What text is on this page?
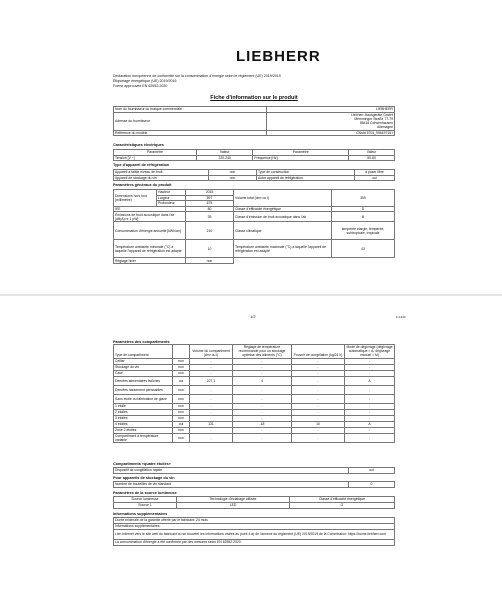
LIEBHERR
Déclaration européenne de conformité sur la consommation d'énergie selon le règlement (UE) 2019/2019
Étiquetage énergétique (UE) 2019/2016
Forme approuvée EN 62552:2020
Fiche d'information sur le produit
Nom du fournisseur ou marque commerciale	LIEBHERR
Adresse du fournisseur	Liebherr-Hausgeräte GmbH
Memminger Straße 77-79
88416 Ochsenhausen
Allemagne
Référence du modèle	CNsfd 5704_996497151
Caractéristiques électriques
Paramètre	Valeur	Paramètre	Valeur
Tension [V ~]	220-240	Fréquence [Hz]	50-60
Type d'appareil de réfrigération
Appareil à faible niveau de bruit	non	Type de construction	à poser libre
Appareil de stockage du vin	non	Autre appareil de réfrigération	oui
Paramètres généraux du produit
Dimensions hors tout (millimètre)	Hauteur	2015	Volume total (dm³ ou l)	359
	Largeur	597		
	Profondeur	675		
IEE		80	Classe d'efficacité énergétique	D
Émissions de bruit acoustique dans l'air [dB(A) re 1 pW]		35	Classe d'émission de bruit acoustique dans l'air	B
Consommation d'énergie annuelle [kWh/an]		210	Classe climatique	tempérée élargie, tempérée, subtropicale, tropicale
Température ambiante minimale (°C) à laquelle l'appareil de réfrigération est adapté		10	Température ambiante maximale (°C) à laquelle l'appareil de réfrigération est adapté	43
Réglage hiver		non		
1/2	F-1234
Paramètres des compartiments
Type de compartiment		Volume du compartiment (dm³ ou l)	Réglage de température recommandé pour un stockage optimisé des aliments (°C)	Pouvoir de congélation (kg/24 h)	Mode de dégivrage (dégivrage automatique = A, dégivrage manuel = M)
Cellier	non	-	-	-	-
Stockage du vin	non	-	-	-	-
Cave	non	-	-	-	-
Denrées alimentaires fraîches	oui	227,1	4	-	A
Denrées hautement périssables	non	-	-	-	-
Sans étoile ou fabrication de glace	non	-	-	-	-
1 étoile	non	-	-	-	-
2 étoiles	non	-	-	-	-
3 étoiles	non	-	-	-	-
4 étoiles	oui	131	-18	10	A
Zone 2 étoiles	non	-	-	-	-
Compartiment à température variable	non	-	-	-	-
Compartiments «quatre étoiles»
Dispositif de congélation rapide	oui
Pour appareils de stockage du vin
Nombre de bouteilles de vin standard	0
Paramètres de la source lumineuse
Source lumineuse	Technologie d'éclairage utilisée	Classe d'efficacité énergétique
Source 1	LED	G
Informations supplémentaires
Durée minimale de la garantie offerte par le fabricant: 24 mois
Informations supplémentaires:
Lien Internet vers le site web du fabricant où se trouvent les informations visées au point 4 a) de l'annexe du règlement (UE) 2019/2019 de la Commission: https://home.liebherr.com
La consommation d'énergie a été confirmée par des mesures selon EN 62552:2020.
